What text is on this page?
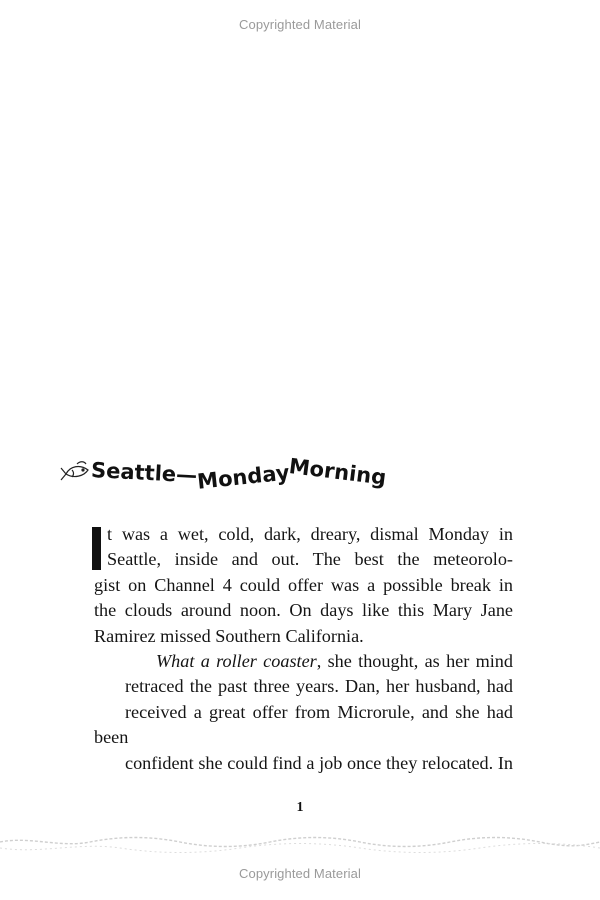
Copyrighted Material
Seattle—
Monday
Morning
t was a wet, cold, dark, dreary, dismal Monday in
Seattle, inside and out. The best the meteorolo-
gist on Channel 4 could offer was a possible break in
the clouds around noon. On days like this Mary Jane
Ramirez missed Southern California.
What a roller coaster, she thought, as her mind
retraced the past three years. Dan, her husband, had
received a great offer from Microrule, and she had been
confident she could find a job once they relocated. In
1
Copyrighted Material
